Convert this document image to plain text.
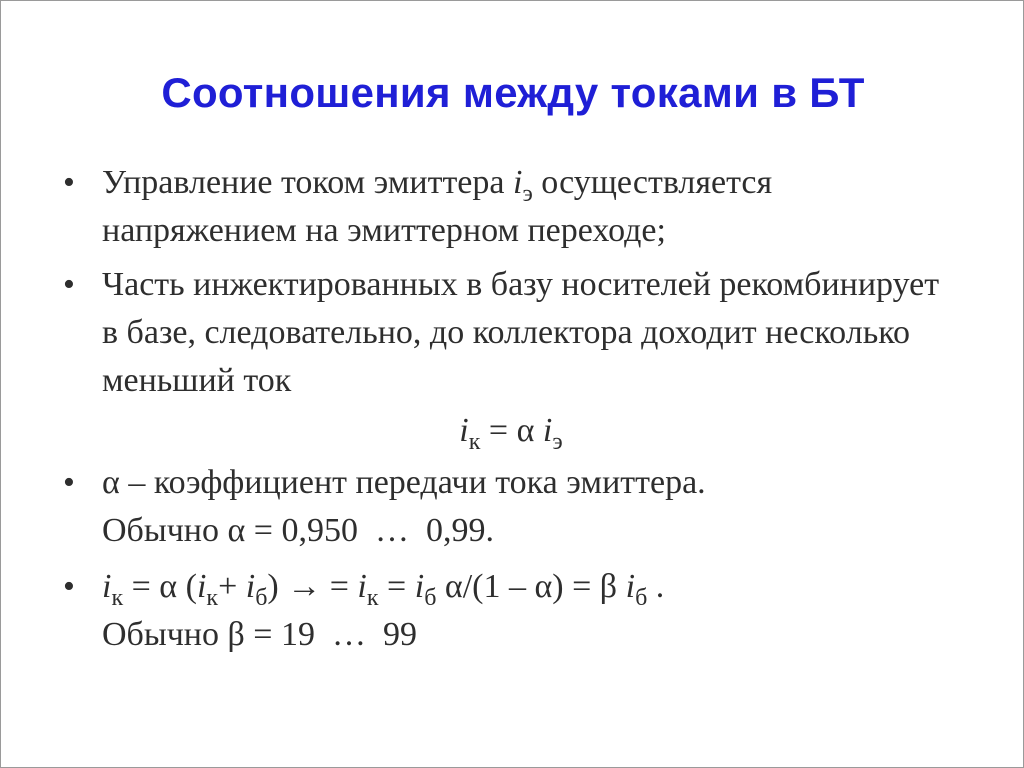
Соотношения между токами в БТ
• Управление током эмиттера $i_э$ осуществляется напряжением на эмиттерном переходе;
• Часть инжектированных в базу носителей рекомбинирует в базе, следовательно, до коллектора доходит несколько меньший ток
$i_к = \alpha$ $i_э$
• α – коэффициент передачи тока эмиттера.
Обычно α = 0,950  …  0,99.
• $i_к = \alpha$ $(i_к+ i_б)$ → = $i_к = i_б$ α/(1 – α) = β $i_б$ .
Обычно β = 19  …  99
